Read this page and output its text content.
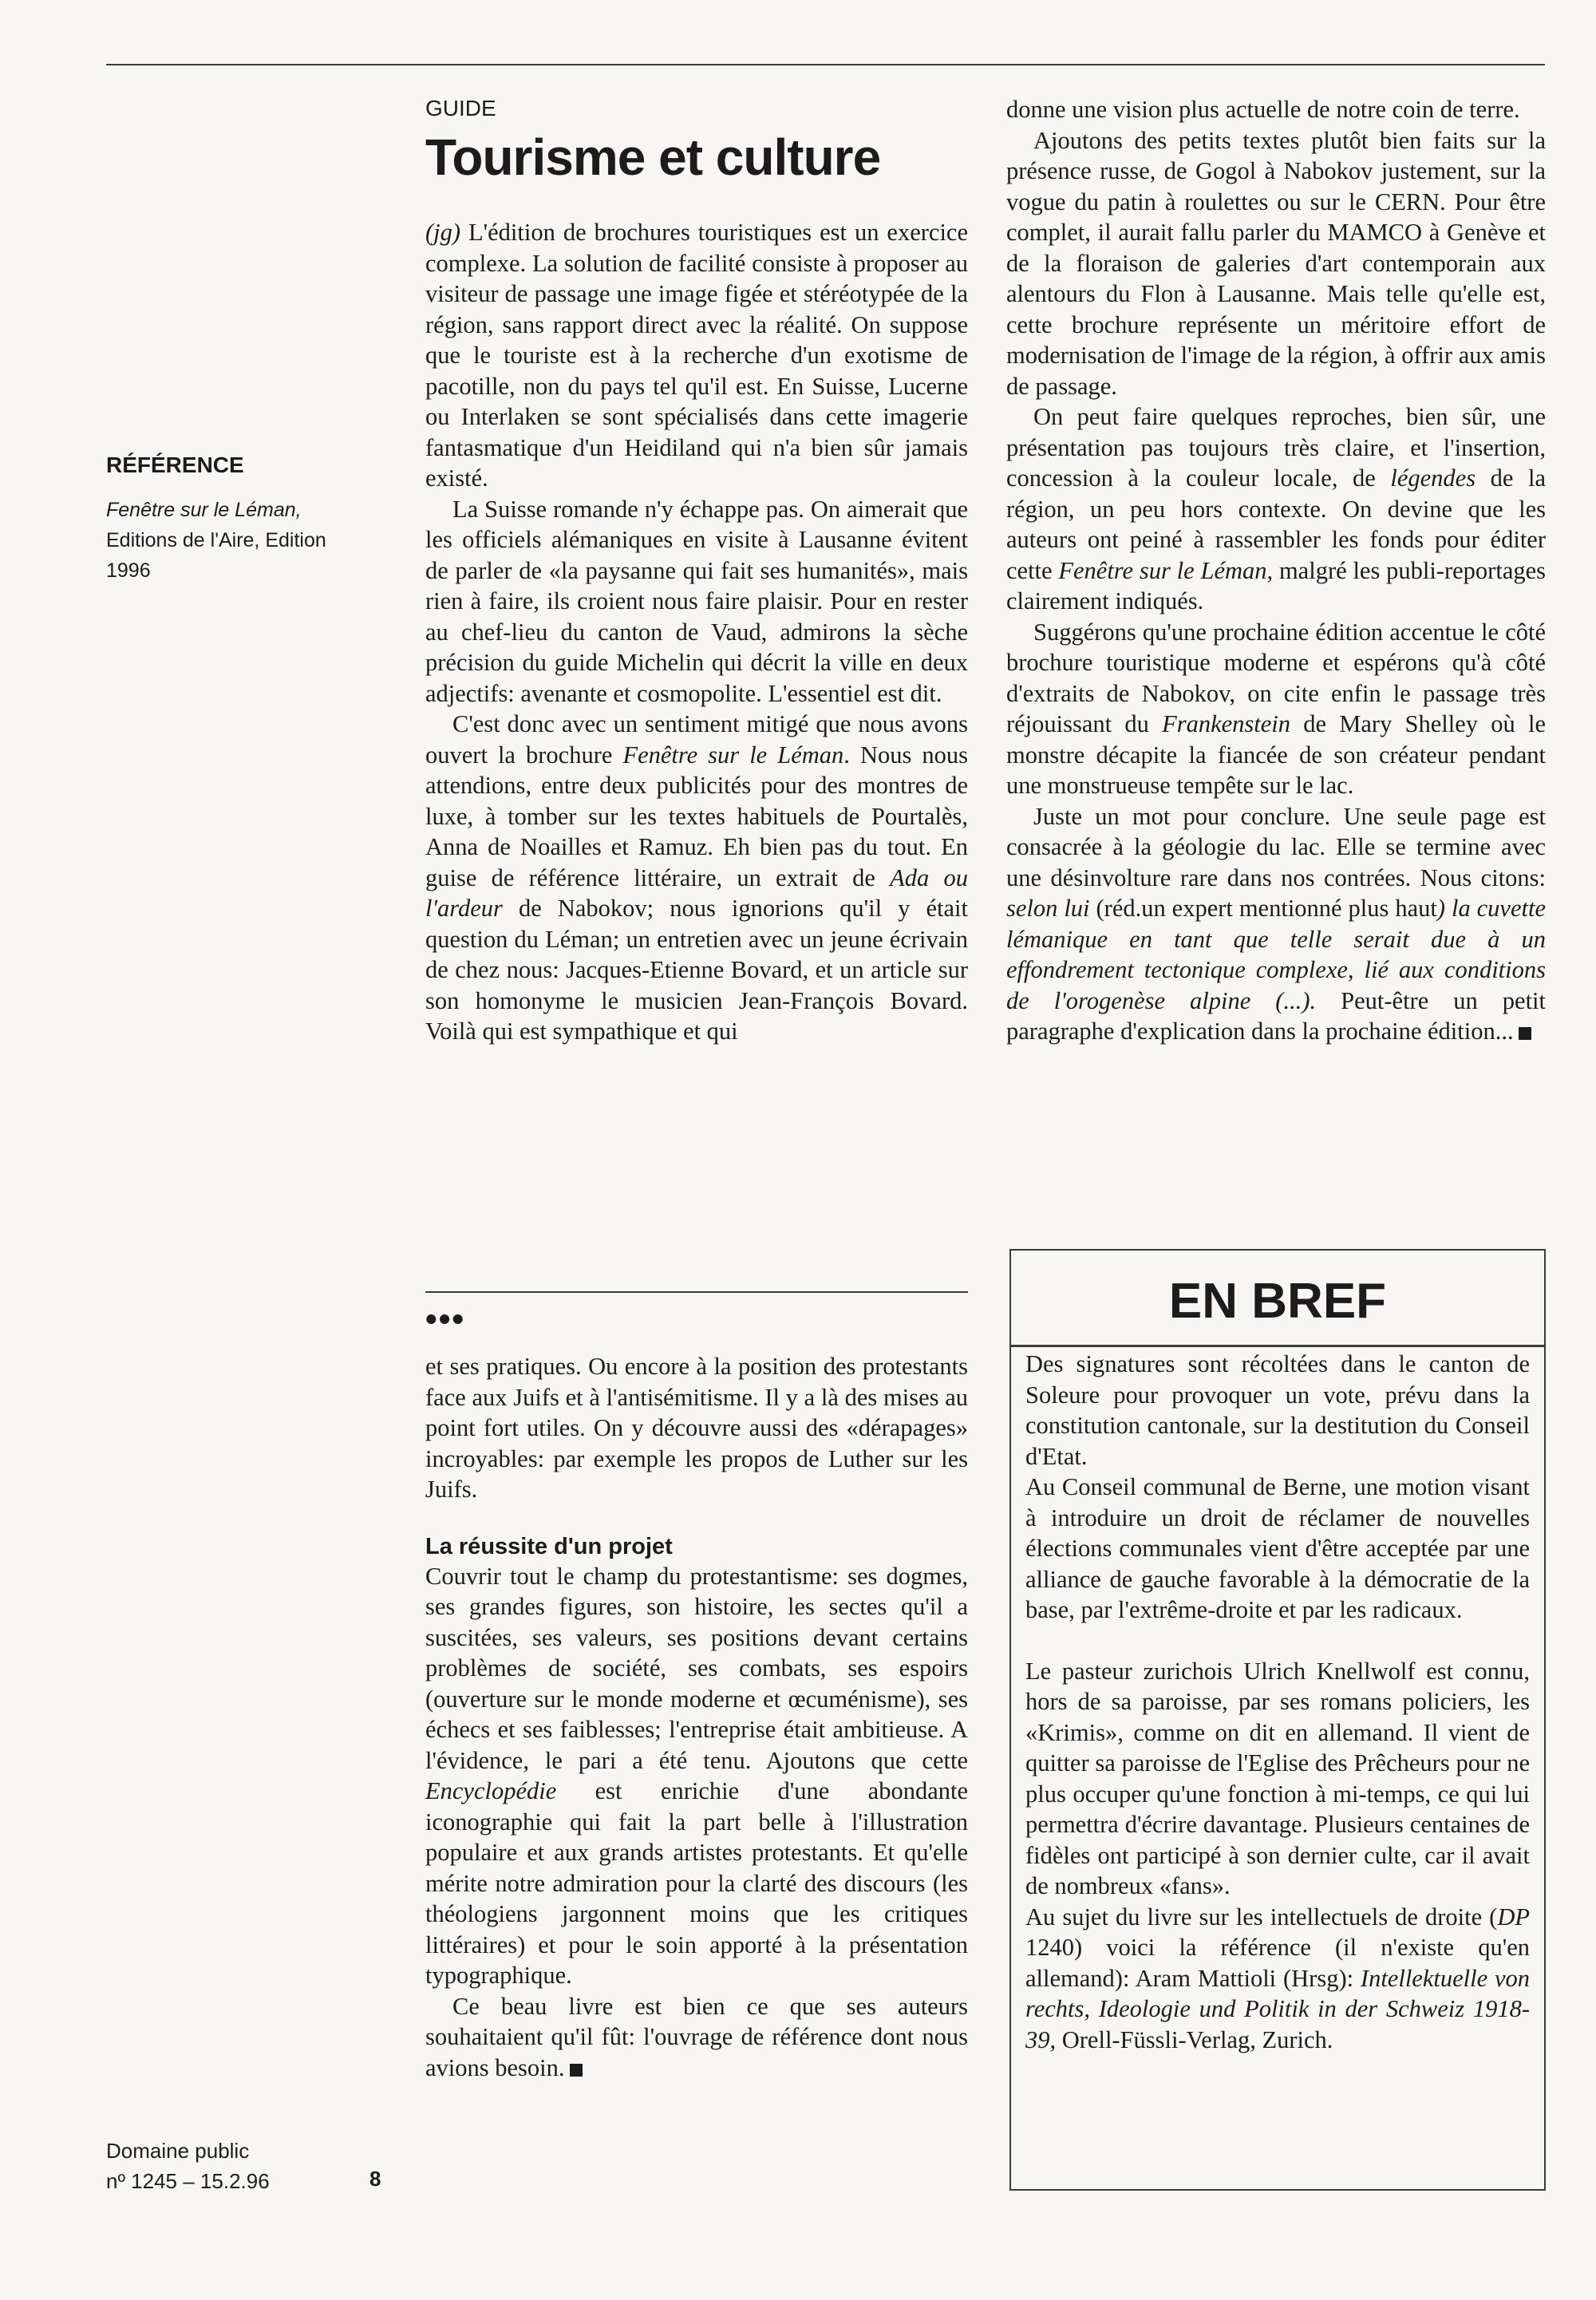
RÉFÉRENCE
Fenêtre sur le Léman, Editions de l'Aire, Edition 1996
Domaine public
nº 1245 – 15.2.96	8
GUIDE
Tourisme et culture

(jg) L'édition de brochures touristiques est un exercice complexe. La solution de facilité consiste à proposer au visiteur de passage une image figée et stéréotypée de la région, sans rapport direct avec la réalité. On suppose que le touriste est à la recherche d'un exotisme de pacotille, non du pays tel qu'il est. En Suisse, Lucerne ou Interlaken se sont spécialisés dans cette imagerie fantasmatique d'un Heidiland qui n'a bien sûr jamais existé.

La Suisse romande n'y échappe pas. On aimerait que les officiels alémaniques en visite à Lausanne évitent de parler de «la paysanne qui fait ses humanités», mais rien à faire, ils croient nous faire plaisir. Pour en rester au chef-lieu du canton de Vaud, admirons la sèche précision du guide Michelin qui décrit la ville en deux adjectifs: avenante et cosmopolite. L'essentiel est dit.

C'est donc avec un sentiment mitigé que nous avons ouvert la brochure Fenêtre sur le Léman. Nous nous attendions, entre deux publicités pour des montres de luxe, à tomber sur les textes habituels de Pourtalès, Anna de Noailles et Ramuz. Eh bien pas du tout. En guise de référence littéraire, un extrait de Ada ou l'ardeur de Nabokov; nous ignorions qu'il y était question du Léman; un entretien avec un jeune écrivain de chez nous: Jacques-Etienne Bovard, et un article sur son homonyme le musicien Jean-François Bovard. Voilà qui est sympathique et qui

donne une vision plus actuelle de notre coin de terre.

Ajoutons des petits textes plutôt bien faits sur la présence russe, de Gogol à Nabokov justement, sur la vogue du patin à roulettes ou sur le CERN. Pour être complet, il aurait fallu parler du MAMCO à Genève et de la floraison de galeries d'art contemporain aux alentours du Flon à Lausanne. Mais telle qu'elle est, cette brochure représente un méritoire effort de modernisation de l'image de la région, à offrir aux amis de passage.

On peut faire quelques reproches, bien sûr, une présentation pas toujours très claire, et l'insertion, concession à la couleur locale, de légendes de la région, un peu hors contexte. On devine que les auteurs ont peiné à rassembler les fonds pour éditer cette Fenêtre sur le Léman, malgré les publi-reportages clairement indiqués.

Suggérons qu'une prochaine édition accentue le côté brochure touristique moderne et espérons qu'à côté d'extraits de Nabokov, on cite enfin le passage très réjouissant du Frankenstein de Mary Shelley où le monstre décapite la fiancée de son créateur pendant une monstrueuse tempête sur le lac.

Juste un mot pour conclure. Une seule page est consacrée à la géologie du lac. Elle se termine avec une désinvolture rare dans nos contrées. Nous citons: selon lui (réd.un expert mentionné plus haut) la cuvette lémanique en tant que telle serait due à un effondrement tectonique complexe, lié aux conditions de l'orogenèse alpine (...). Peut-être un petit paragraphe d'explication dans la prochaine édition...

•••

et ses pratiques. Ou encore à la position des protestants face aux Juifs et à l'antisémitisme. Il y a là des mises au point fort utiles. On y découvre aussi des «dérapages» incroyables: par exemple les propos de Luther sur les Juifs.

La réussite d'un projet

Couvrir tout le champ du protestantisme: ses dogmes, ses grandes figures, son histoire, les sectes qu'il a suscitées, ses valeurs, ses positions devant certains problèmes de société, ses combats, ses espoirs (ouverture sur le monde moderne et œcuménisme), ses échecs et ses faiblesses; l'entreprise était ambitieuse. A l'évidence, le pari a été tenu. Ajoutons que cette Encyclopédie est enrichie d'une abondante iconographie qui fait la part belle à l'illustration populaire et aux grands artistes protestants. Et qu'elle mérite notre admiration pour la clarté des discours (les théologiens jargonnent moins que les critiques littéraires) et pour le soin apporté à la présentation typographique.

Ce beau livre est bien ce que ses auteurs souhaitaient qu'il fût: l'ouvrage de référence dont nous avions besoin.

EN BREF

Des signatures sont récoltées dans le canton de Soleure pour provoquer un vote, prévu dans la constitution cantonale, sur la destitution du Conseil d'Etat.

Au Conseil communal de Berne, une motion visant à introduire un droit de réclamer de nouvelles élections communales vient d'être acceptée par une alliance de gauche favorable à la démocratie de la base, par l'extrême-droite et par les radicaux.

Le pasteur zurichois Ulrich Knellwolf est connu, hors de sa paroisse, par ses romans policiers, les «Krimis», comme on dit en allemand. Il vient de quitter sa paroisse de l'Eglise des Prêcheurs pour ne plus occuper qu'une fonction à mi-temps, ce qui lui permettra d'écrire davantage. Plusieurs centaines de fidèles ont participé à son dernier culte, car il avait de nombreux «fans».

Au sujet du livre sur les intellectuels de droite (DP 1240) voici la référence (il n'existe qu'en allemand): Aram Mattioli (Hrsg): Intellektuelle von rechts, Ideologie und Politik in der Schweiz 1918-39, Orell-Füssli-Verlag, Zurich.
